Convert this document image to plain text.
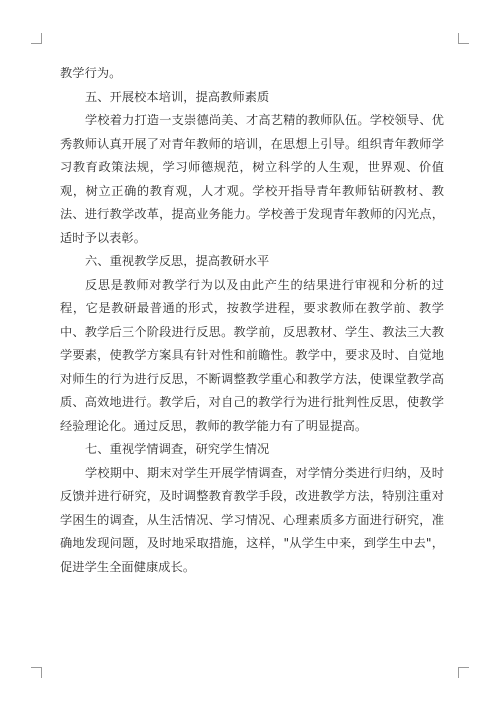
教学行为。

五、开展校本培训，提高教师素质

学校着力打造一支崇德尚美、才高艺精的教师队伍。学校领导、优秀教师认真开展了对青年教师的培训，在思想上引导。组织青年教师学习教育政策法规，学习师德规范，树立科学的人生观，世界观、价值观，树立正确的教育观，人才观。学校开指导青年教师钻研教材、教法、进行教学改革，提高业务能力。学校善于发现青年教师的闪光点，适时予以表彰。

六、重视教学反思，提高教研水平

反思是教师对教学行为以及由此产生的结果进行审视和分析的过程，它是教研最普通的形式，按教学进程，要求教师在教学前、教学中、教学后三个阶段进行反思。教学前，反思教材、学生、教法三大教学要素，使教学方案具有针对性和前瞻性。教学中，要求及时、自觉地对师生的行为进行反思，不断调整教学重心和教学方法，使课堂教学高质、高效地进行。教学后，对自己的教学行为进行批判性反思，使教学经验理论化。通过反思，教师的教学能力有了明显提高。

七、重视学情调查，研究学生情况

学校期中、期末对学生开展学情调查，对学情分类进行归纳，及时反馈并进行研究，及时调整教育教学手段，改进教学方法，特别注重对学困生的调查，从生活情况、学习情况、心理素质多方面进行研究，准确地发现问题，及时地采取措施，这样，"从学生中来，到学生中去"，促进学生全面健康成长。
